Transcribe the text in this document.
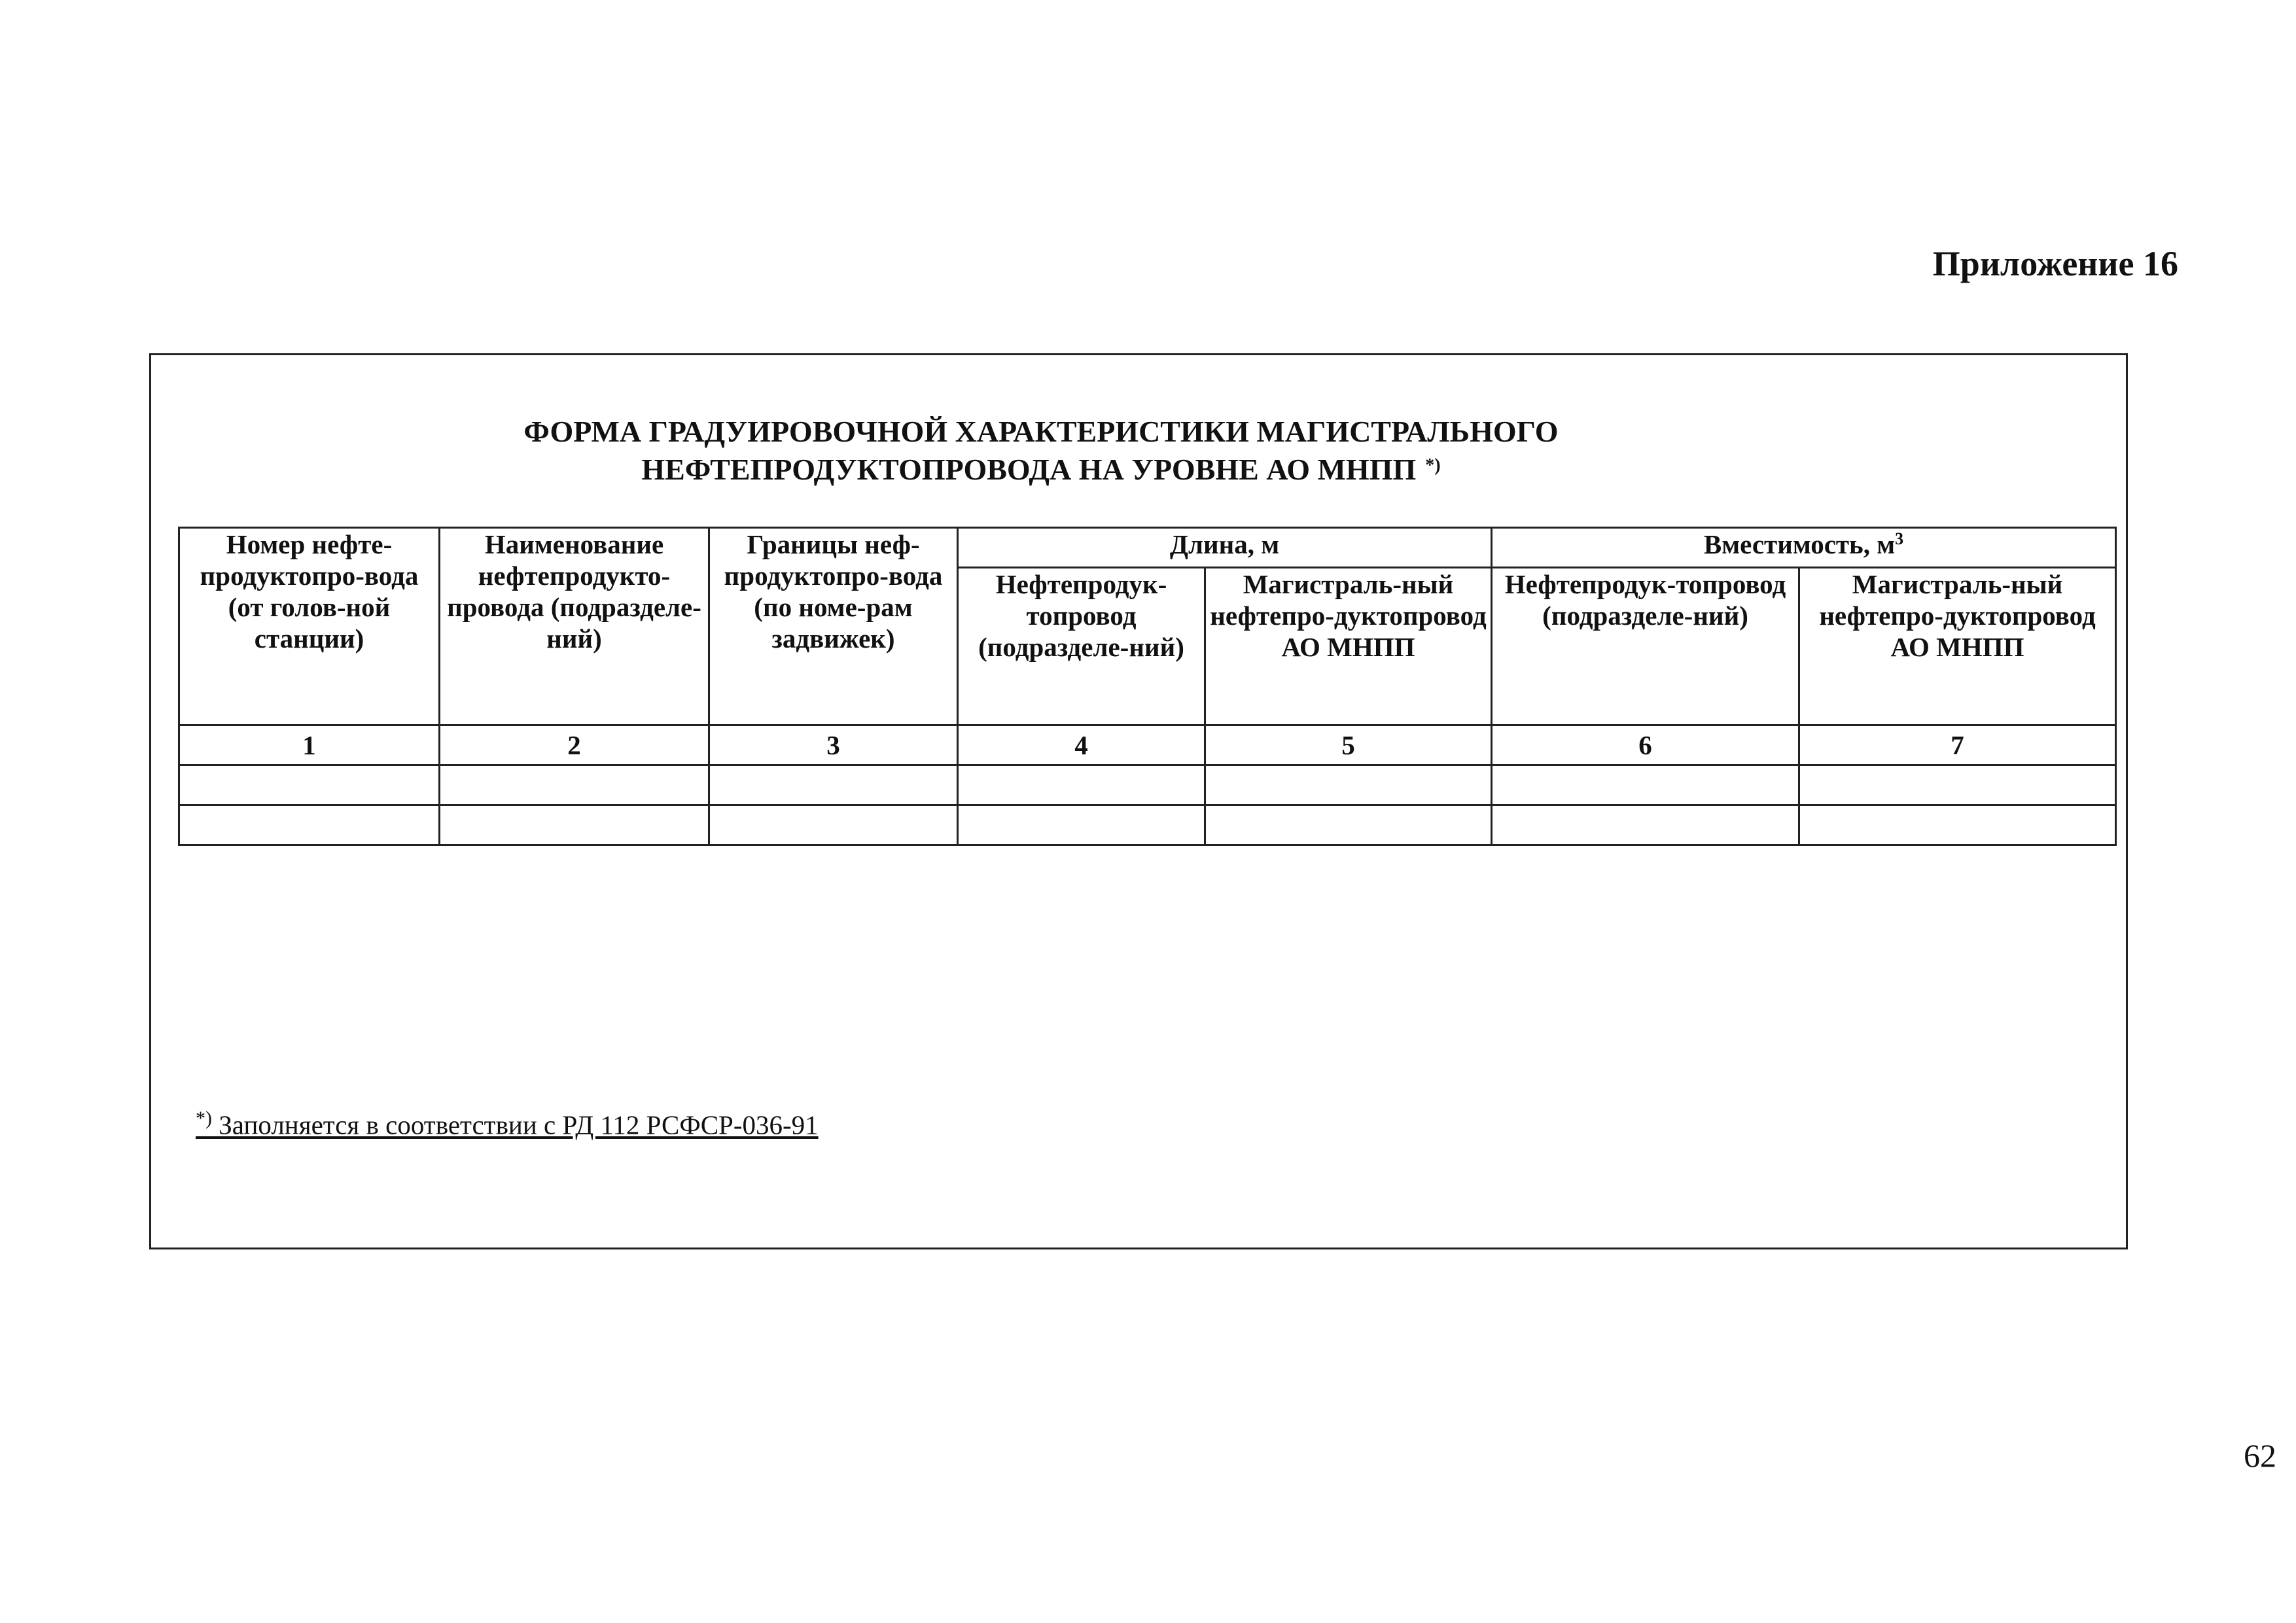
Приложение 16
ФОРМА ГРАДУИРОВОЧНОЙ ХАРАКТЕРИСТИКИ МАГИСТРАЛЬНОГО
НЕФТЕПРОДУКТОПРОВОДА НА УРОВНЕ АО МНПП *)
Номер нефте-продуктопро-вода (от голов-ной станции)	Наименование нефтепродукто-провода (подразделе-ний)	Границы неф-продуктопро-вода (по номе-рам задвижек)	Длина, м		Вместимость, $м^3$
			Нефтепродук-топровод (подразделе-ний)	Магистраль-ный нефтепро-дуктопровод АО МНПП	Нефтепродук-топровод (подразделе-ний)	Магистраль-ный нефтепро-дуктопровод АО МНПП
1	2	3	4	5	6	7

*) Заполняется в соответствии с РД 112 РСФСР-036-91
62
